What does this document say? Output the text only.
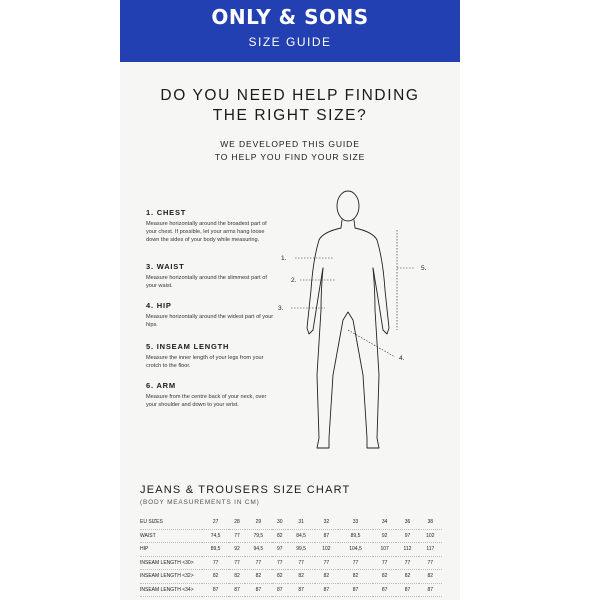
ONLY & SONS
SIZE GUIDE
DO YOU NEED HELP FINDING
THE RIGHT SIZE?
WE DEVELOPED THIS GUIDE
TO HELP YOU FIND YOUR SIZE
1. CHEST
Measure horizontally around the broadest part of your chest. If possible, let your arms hang loose down the sides of your body while measuring.
3. WAIST
Measure horizontally around the slimmest part of your waist.
4. HIP
Measure horizontally around the widest part of your hips.
5. INSEAM LENGTH
Measure the inner length of your legs from your crotch to the floor.
6. ARM
Measure from the centre back of your neck, over your shoulder and down to your wrist.
1.
2.
3.
4.
5.
JEANS & TROUSERS SIZE CHART
(BODY MEASUREMENTS IN CM)
EU SIZES	27	28	29	30	31	32	33	34	36	38
WAIST	74,5	77	79,5	82	84,5	87	89,5	92	97	102
HIP	89,5	92	94,5	97	99,5	102	104,5	107	112	117
INSEAM LENGTH <30>	77	77	77	77	77	77	77	77	77	77
INSEAM LENGTH <32>	82	82	82	82	82	82	82	82	82	82
INSEAM LENGTH <34>	87	87	87	87	87	87	87	87	87	87
